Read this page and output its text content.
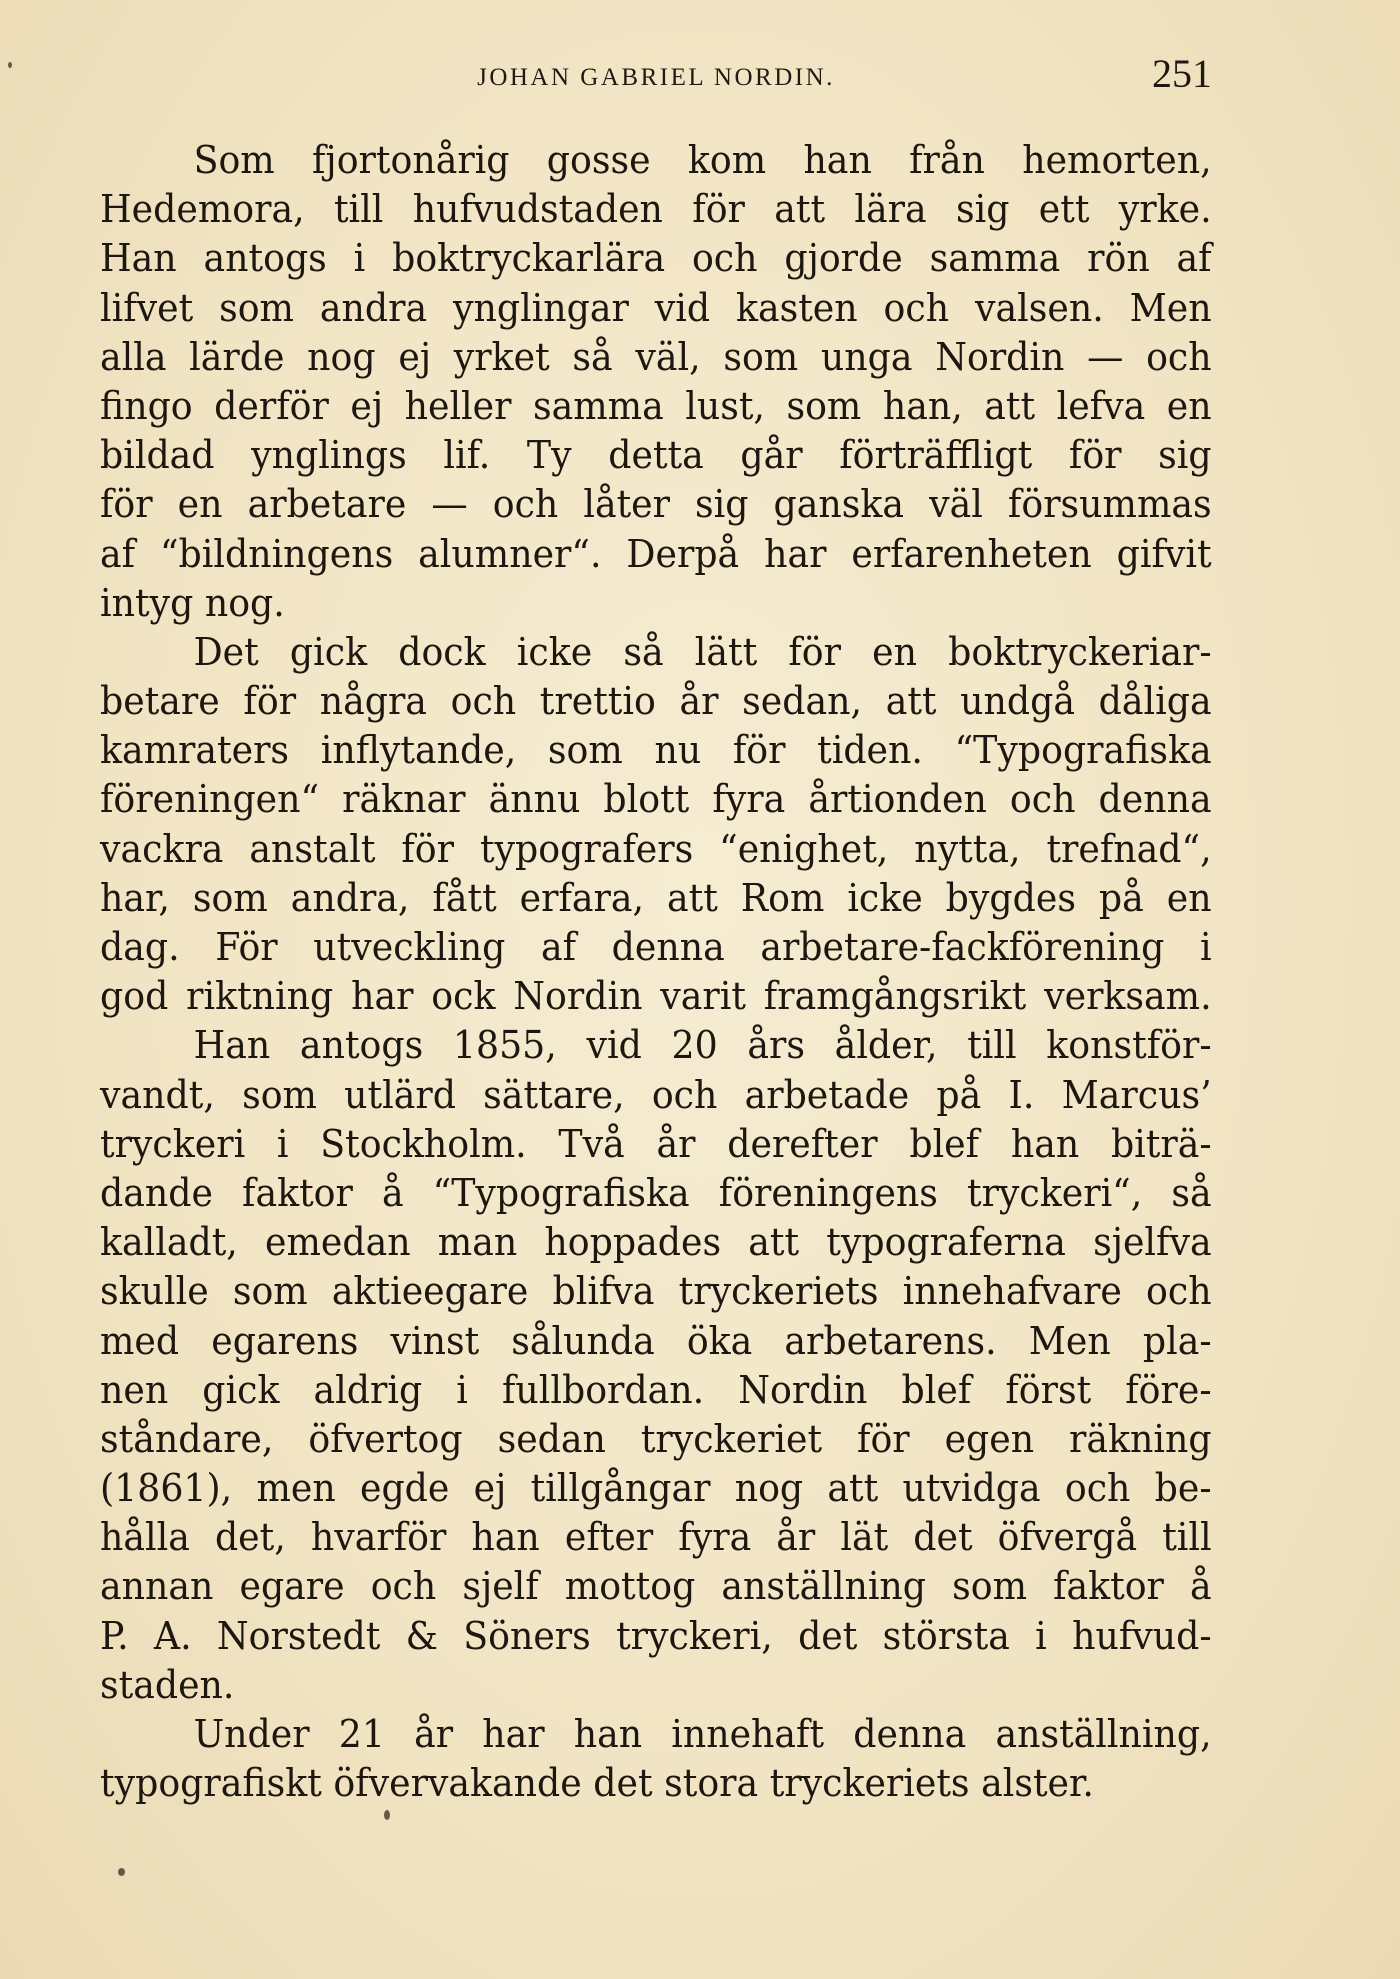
JOHAN GABRIEL NORDIN.	251
Som fjortonårig gosse kom han från hemorten,
Hedemora, till hufvudstaden för att lära sig ett yrke.
Han antogs i boktryckarlära och gjorde samma rön af
lifvet som andra ynglingar vid kasten och valsen. Men
alla lärde nog ej yrket så väl, som unga Nordin — och
fingo derför ej heller samma lust, som han, att lefva en
bildad ynglings lif. Ty detta går förträffligt för sig
för en arbetare — och låter sig ganska väl försummas
af “bildningens alumner“. Derpå har erfarenheten gifvit
intyg nog.
Det gick dock icke så lätt för en boktryckeriar-
betare för några och trettio år sedan, att undgå dåliga
kamraters inflytande, som nu för tiden. “Typografiska
föreningen“ räknar ännu blott fyra årtionden och denna
vackra anstalt för typografers “enighet, nytta, trefnad“,
har, som andra, fått erfara, att Rom icke bygdes på en
dag. För utveckling af denna arbetare-fackförening i
god riktning har ock Nordin varit framgångsrikt verksam.
Han antogs 1855, vid 20 års ålder, till konstför-
vandt, som utlärd sättare, och arbetade på I. Marcus’
tryckeri i Stockholm. Två år derefter blef han biträ-
dande faktor å “Typografiska föreningens tryckeri“, så
kalladt, emedan man hoppades att typograferna sjelfva
skulle som aktieegare blifva tryckeriets innehafvare och
med egarens vinst sålunda öka arbetarens. Men pla-
nen gick aldrig i fullbordan. Nordin blef först före-
ståndare, öfvertog sedan tryckeriet för egen räkning
(1861), men egde ej tillgångar nog att utvidga och be-
hålla det, hvarför han efter fyra år lät det öfvergå till
annan egare och sjelf mottog anställning som faktor å
P. A. Norstedt & Söners tryckeri, det största i hufvud-
staden.
Under 21 år har han innehaft denna anställning,
typografiskt öfvervakande det stora tryckeriets alster.
